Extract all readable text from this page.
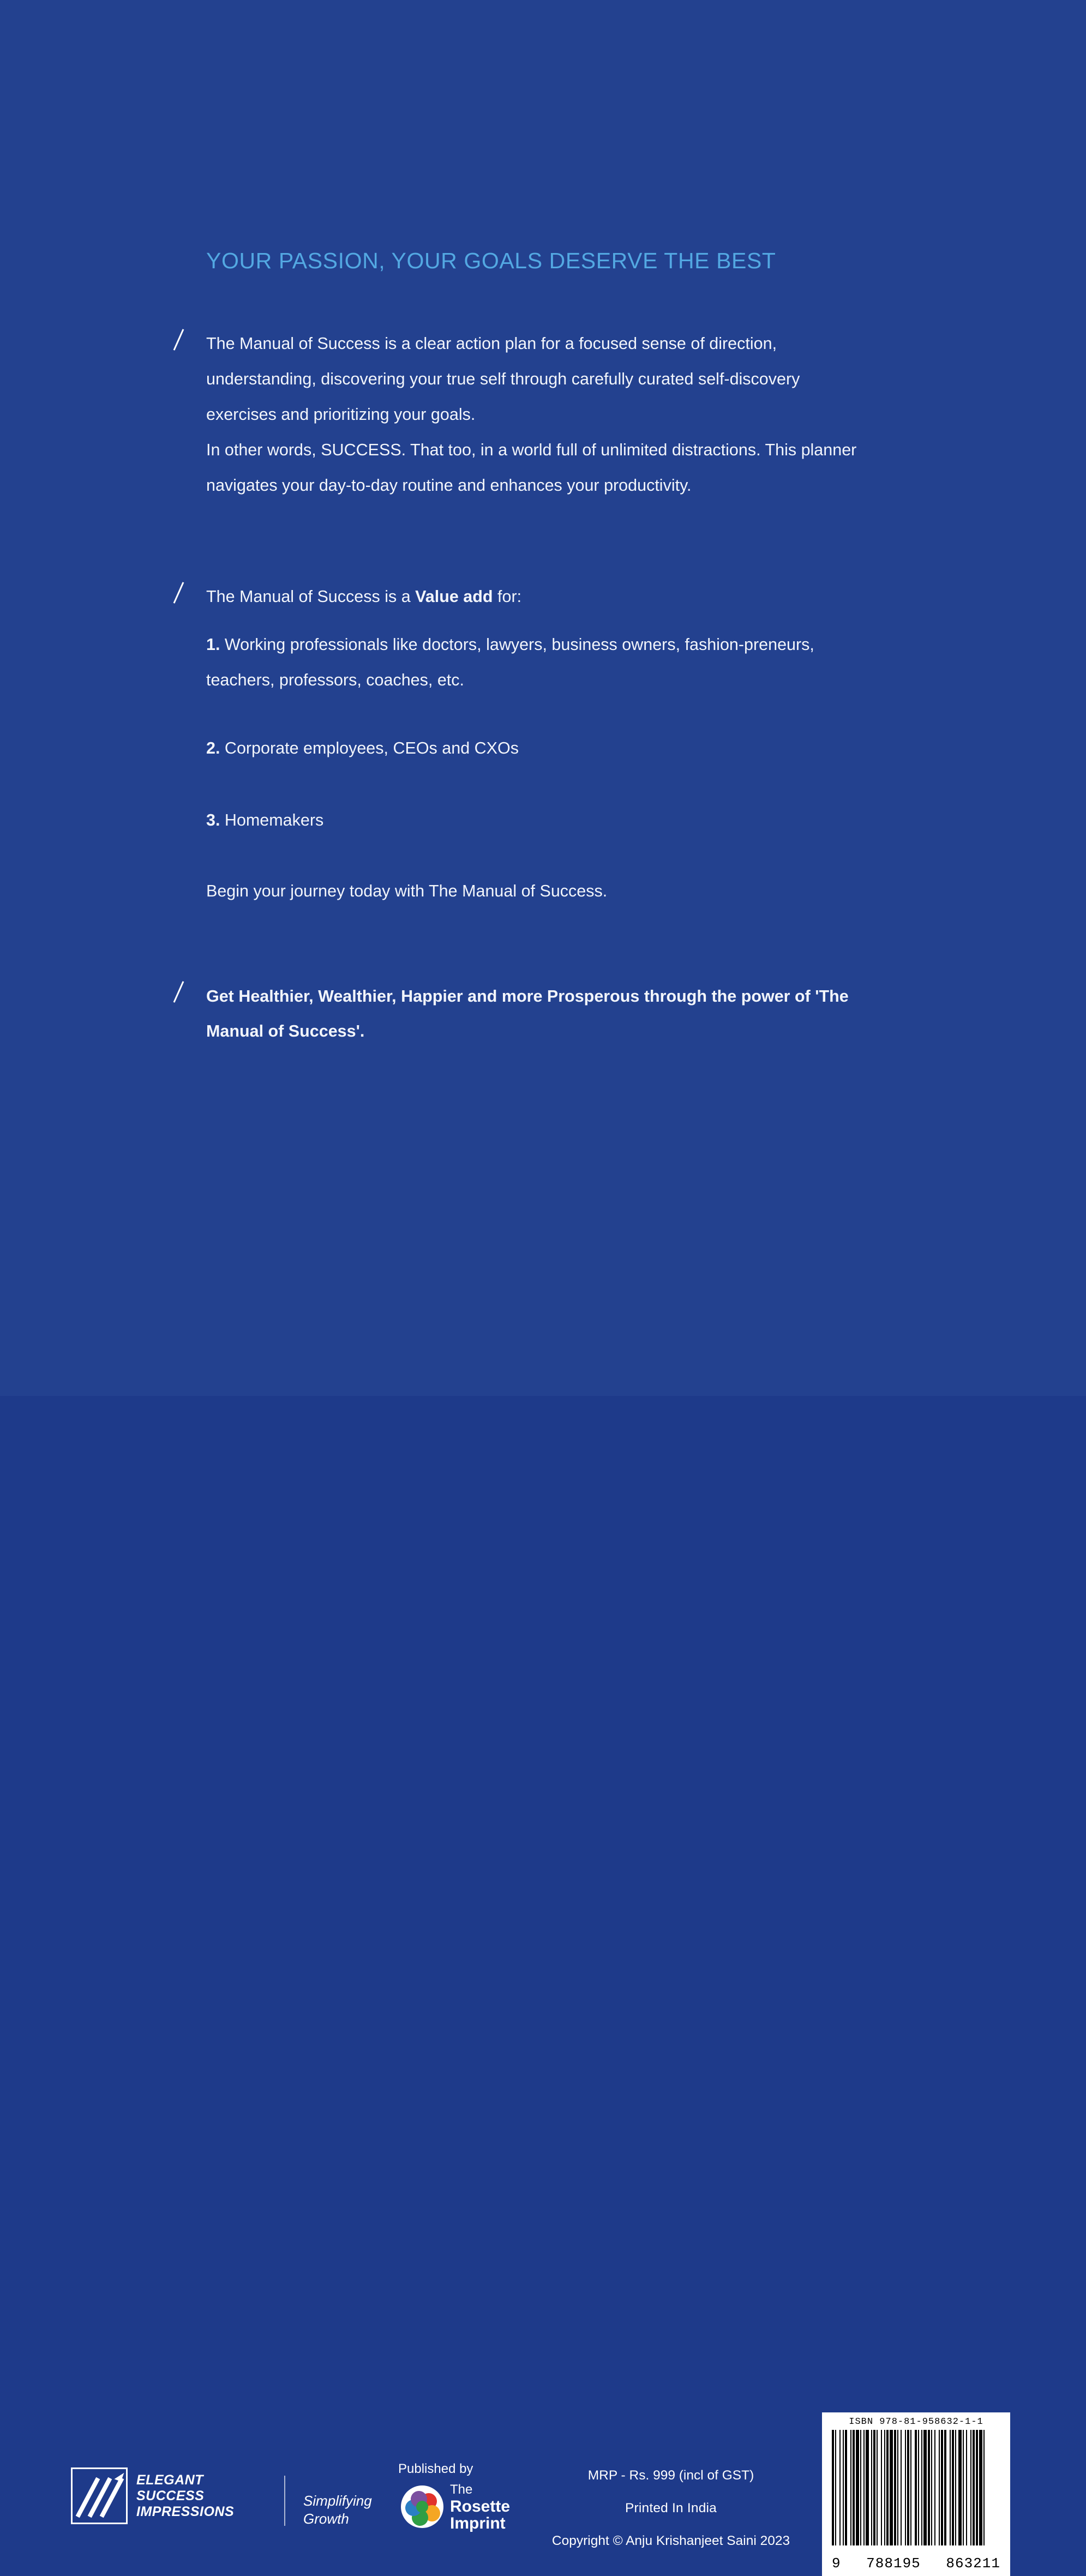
YOUR PASSION, YOUR GOALS DESERVE THE BEST
The Manual of Success is a clear action plan for a focused sense of direction, understanding, discovering your true self through carefully curated self-discovery exercises and prioritizing your goals.
In other words, SUCCESS. That too, in a world full of unlimited distractions. This planner navigates your day-to-day routine and enhances your productivity.
The Manual of Success is a Value add for:
1. Working professionals like doctors, lawyers, business owners, fashion-preneurs, teachers, professors, coaches, etc.
2. Corporate employees, CEOs and CXOs
3. Homemakers
Begin your journey today with The Manual of Success.
Get Healthier, Wealthier, Happier and more Prosperous through the power of 'The Manual of Success'.
ELEGANT
SUCCESS
IMPRESSIONS
Simplifying
Growth
Published by
The
Rosette
Imprint
MRP - Rs. 999 (incl of GST)
Printed In India
Copyright © Anju Krishanjeet Saini 2023
ISBN 978-81-958632-1-1
9 788195 863211
